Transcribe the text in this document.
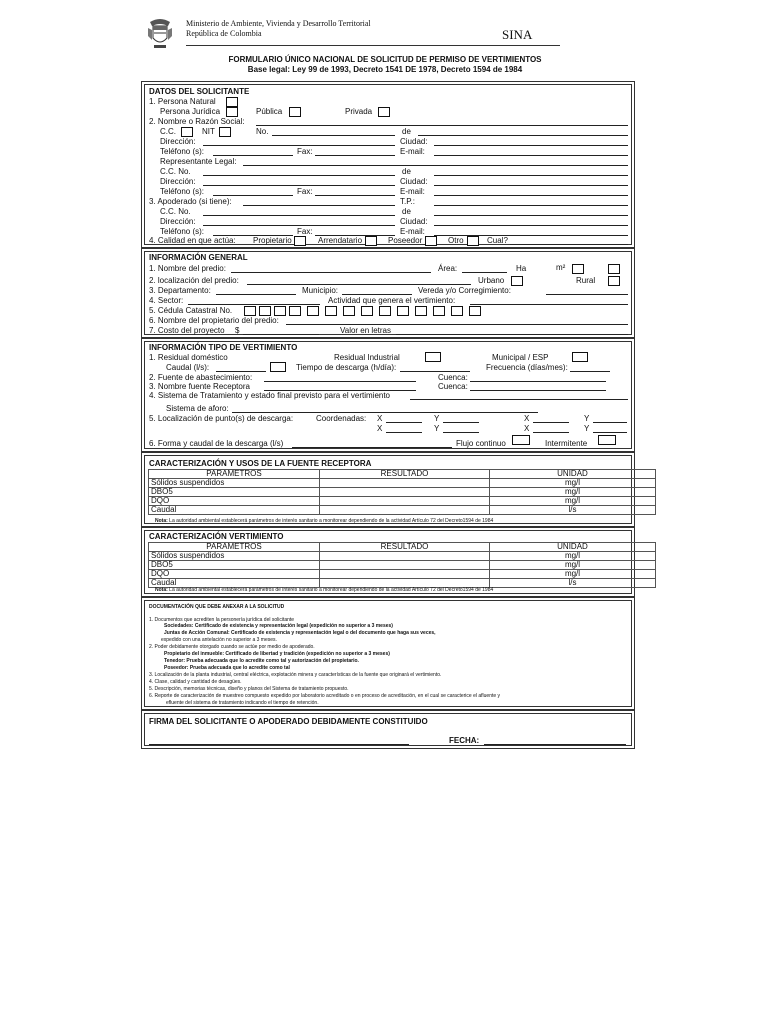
Ministerio de Ambiente, Vivienda y Desarrollo Territorial
República de Colombia	SINA
FORMULARIO ÚNICO NACIONAL DE SOLICITUD DE PERMISO DE VERTIMIENTOS
Base legal: Ley 99 de 1993, Decreto 1541 DE 1978, Decreto 1594 de 1984
DATOS DEL SOLICITANTE
1. Persona Natural
Persona Jurídica	Pública	Privada
2. Nombre o Razón Social:
C.C.	NIT	No.	de
Dirección:	Ciudad:
Teléfono (s):	Fax:	E-mail:
Representante Legal:
C.C. No.	de
Dirección:	Ciudad:
Teléfono (s):	Fax:	E-mail:
3. Apoderado (si tiene):	T.P.:
C.C. No.	de
Dirección:	Ciudad:
Teléfono (s):	Fax:	E-mail:
4. Calidad en que actúa: Propietario	Arrendatario	Poseedor	Otro	Cual?
INFORMACIÓN GENERAL
1. Nombre del predio:	Área:	Ha	m²
2. localización del predio:	Urbano	Rural
3. Departamento:	Municipio:	Vereda y/o Corregimiento:
4. Sector:	Actividad que genera el vertimiento:
5. Cédula Catastral No.
6. Nombre del propietario del predio:
7. Costo del proyecto $	Valor en letras
INFORMACIÓN TIPO DE VERTIMIENTO
1. Residual doméstico	Residual Industrial	Municipal / ESP
Caudal (l/s):	Tiempo de descarga (h/día):	Frecuencia (días/mes):
2. Fuente de abastecimiento:	Cuenca:
3. Nombre fuente Receptora	Cuenca:
4. Sistema de Tratamiento y estado final previsto para el vertimiento
Sistema de aforo:
5. Localización de punto(s) de descarga:	Coordenadas: X	Y	X	Y
X	Y	X	Y
6. Forma y caudal de la descarga (l/s)	Flujo continuo	Intermitente
CARACTERIZACIÓN Y USOS DE LA FUENTE RECEPTORA
PARAMETROS	RESULTADO	UNIDAD
Sólidos suspendidos		mg/l
DBO5		mg/l
DQO		mg/l
Caudal		l/s
Nota: La autoridad ambiental establecerá parámetros de interés sanitario a monitorear dependiendo de la actividad Artículo 72 del Decreto1594 de 1984
CARACTERIZACIÓN VERTIMIENTO
PARAMETROS	RESULTADO	UNIDAD
Sólidos suspendidos		mg/l
DBO5		mg/l
DQO		mg/l
Caudal		l/s
Nota: La autoridad ambiental establecerá parámetros de interés sanitario a monitorear dependiendo de la actividad Artículo 72 del Decreto1594 de 1984
DOCUMENTACIÓN QUE DEBE ANEXAR A LA SOLICITUD
1. Documentos que acrediten la personería jurídica del solicitante
Sociedades: Certificado de existencia y representación legal (expedición no superior a 3 meses)
Juntas de Acción Comunal: Certificado de existencia y representación legal o del documento que haga sus veces,
expedido con una antelación no superior a 3 meses.
2. Poder debidamente otorgado cuando se actúe por medio de apoderado.
Propietario del inmueble: Certificado de libertad y tradición (expedición no superior a 3 meses)
Tenedor: Prueba adecuada que lo acredite como tal y autorización del propietario.
Poseedor: Prueba adecuada que lo acredite como tal
3. Localización de la planta industrial, central eléctrica, explotación minera y características de la fuente que originará el vertimiento.
4. Clase, calidad y cantidad de desagües.
5. Descripción, memorias técnicas, diseño y planos del Sistema de tratamiento propuesto.
6. Reporte de caracterización de muestreo compuesto expedido por laboratorio acreditado o en proceso de acreditación, en el cual se caracterice el afluente y
efluente del sistema de tratamiento indicando el tiempo de retención.
FIRMA DEL SOLICITANTE O APODERADO DEBIDAMENTE CONSTITUIDO
FECHA:
